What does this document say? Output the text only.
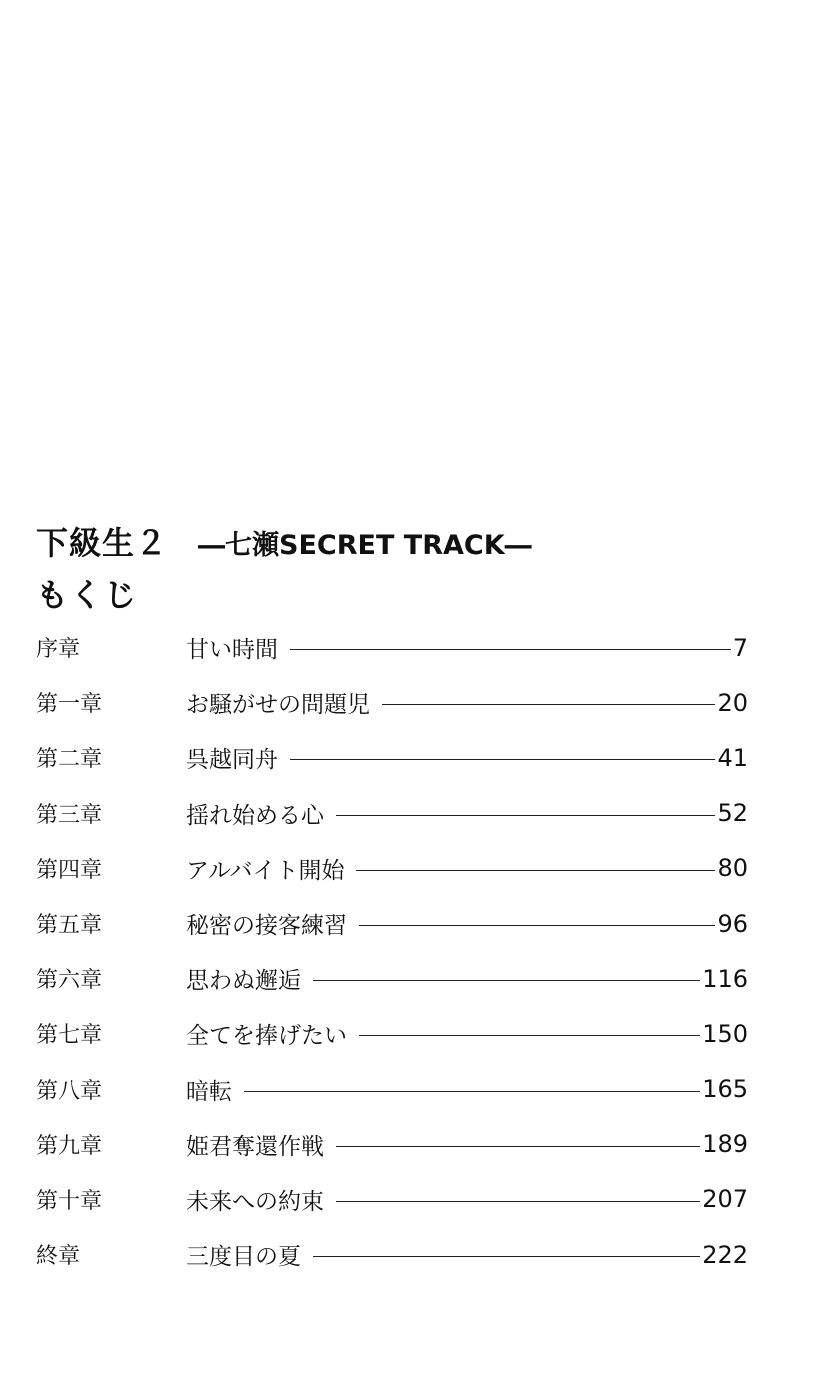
下級生２ ―七瀬SECRET TRACK―
もくじ
序章	甘い時間	7
第一章	お騒がせの問題児	20
第二章	呉越同舟	41
第三章	揺れ始める心	52
第四章	アルバイト開始	80
第五章	秘密の接客練習	96
第六章	思わぬ邂逅	116
第七章	全てを捧げたい	150
第八章	暗転	165
第九章	姫君奪還作戦	189
第十章	未来への約束	207
終章	三度目の夏	222
